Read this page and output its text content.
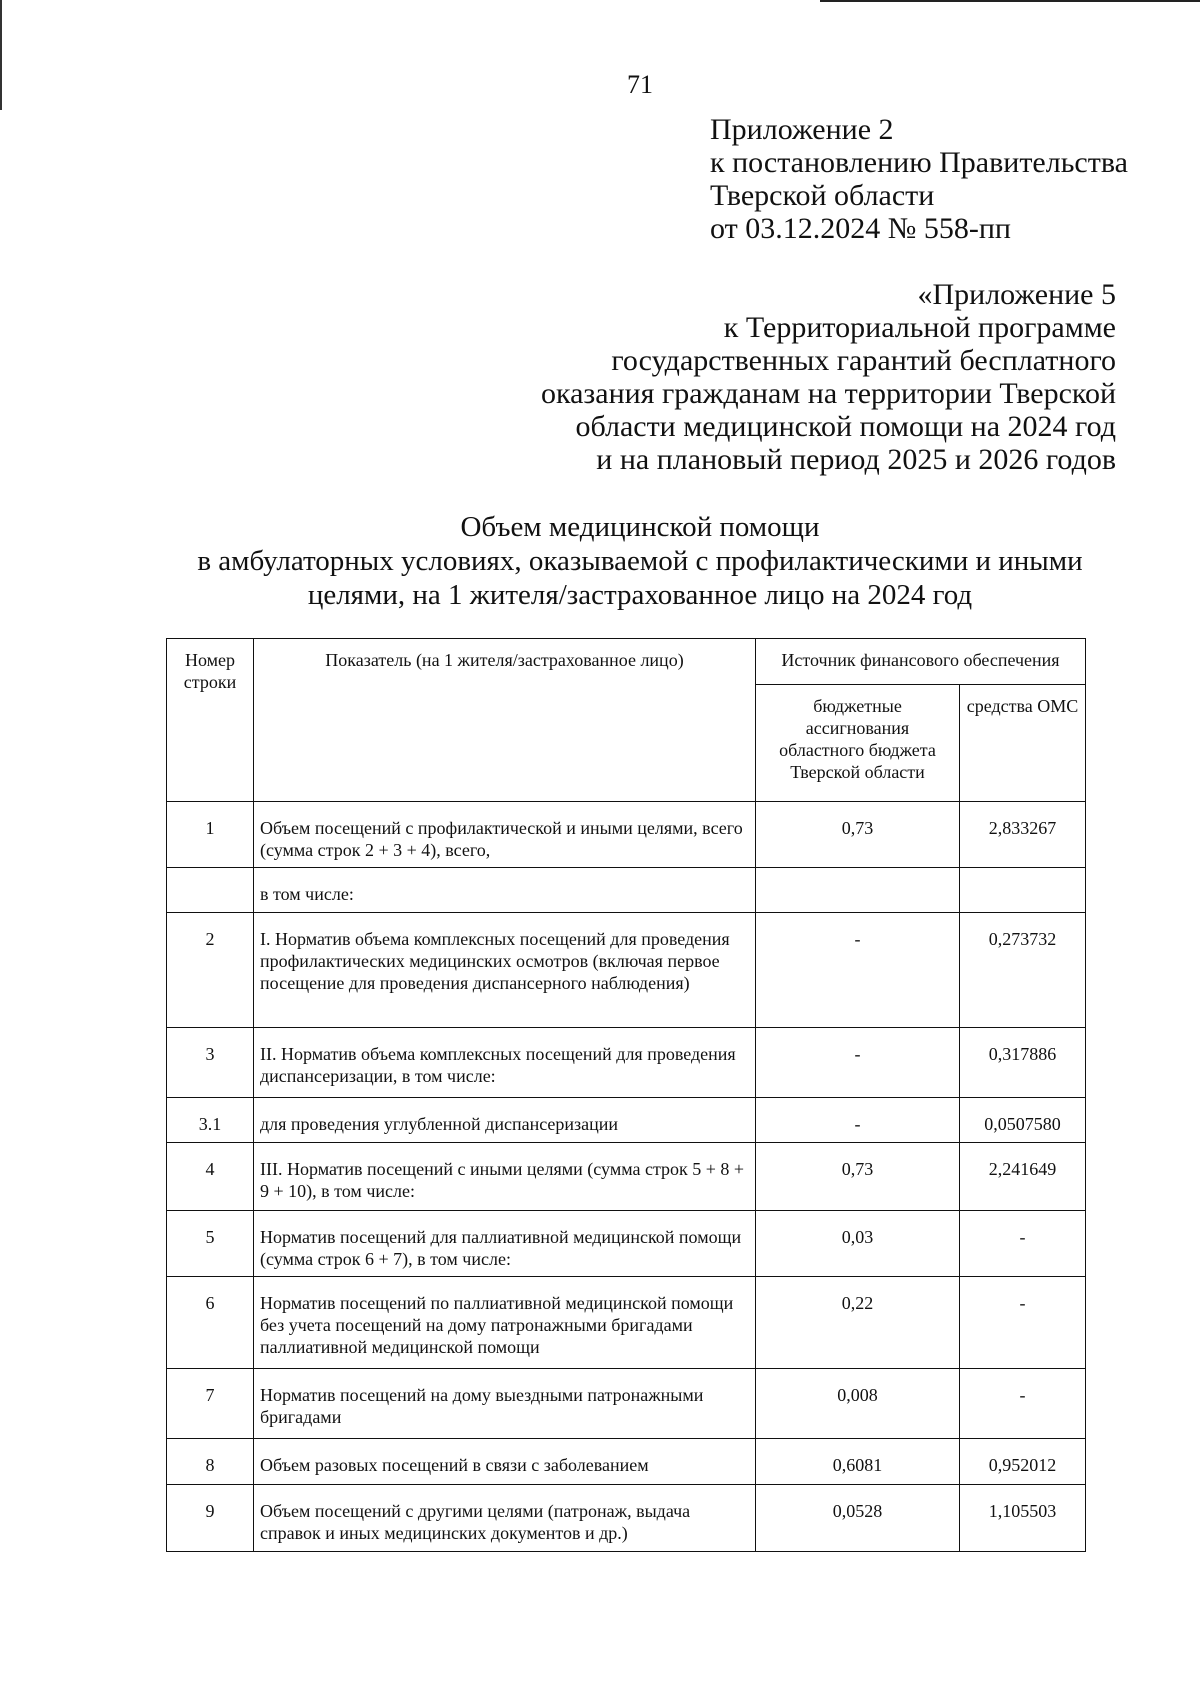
71
Приложение 2
к постановлению Правительства
Тверской области
от 03.12.2024 № 558-пп
«Приложение 5
к Территориальной программе
государственных гарантий бесплатного
оказания гражданам на территории Тверской
области медицинской помощи на 2024 год
и на плановый период 2025 и 2026 годов
Объем медицинской помощи
в амбулаторных условиях, оказываемой с профилактическими и иными
целями, на 1 жителя/застрахованное лицо на 2024 год
Номер строки	Показатель (на 1 жителя/застрахованное лицо)	Источник финансового обеспечения	
		бюджетные ассигнования областного бюджета Тверской области	средства ОМС
1	Объем посещений с профилактической и иными целями, всего (сумма строк 2 + 3 + 4), всего,	0,73	2,833267
	в том числе:		
2	I. Норматив объема комплексных посещений для проведения профилактических медицинских осмотров (включая первое посещение для проведения диспансерного наблюдения)	-	0,273732
3	II. Норматив объема комплексных посещений для проведения диспансеризации, в том числе:	-	0,317886
3.1	для проведения углубленной диспансеризации	-	0,0507580
4	III. Норматив посещений с иными целями (сумма строк 5 + 8 + 9 + 10), в том числе:	0,73	2,241649
5	Норматив посещений для паллиативной медицинской помощи (сумма строк 6 + 7), в том числе:	0,03	-
6	Норматив посещений по паллиативной медицинской помощи без учета посещений на дому патронажными бригадами паллиативной медицинской помощи	0,22	-
7	Норматив посещений на дому выездными патронажными бригадами	0,008	-
8	Объем разовых посещений в связи с заболеванием	0,6081	0,952012
9	Объем посещений с другими целями (патронаж, выдача справок и иных медицинских документов и др.)	0,0528	1,105503
